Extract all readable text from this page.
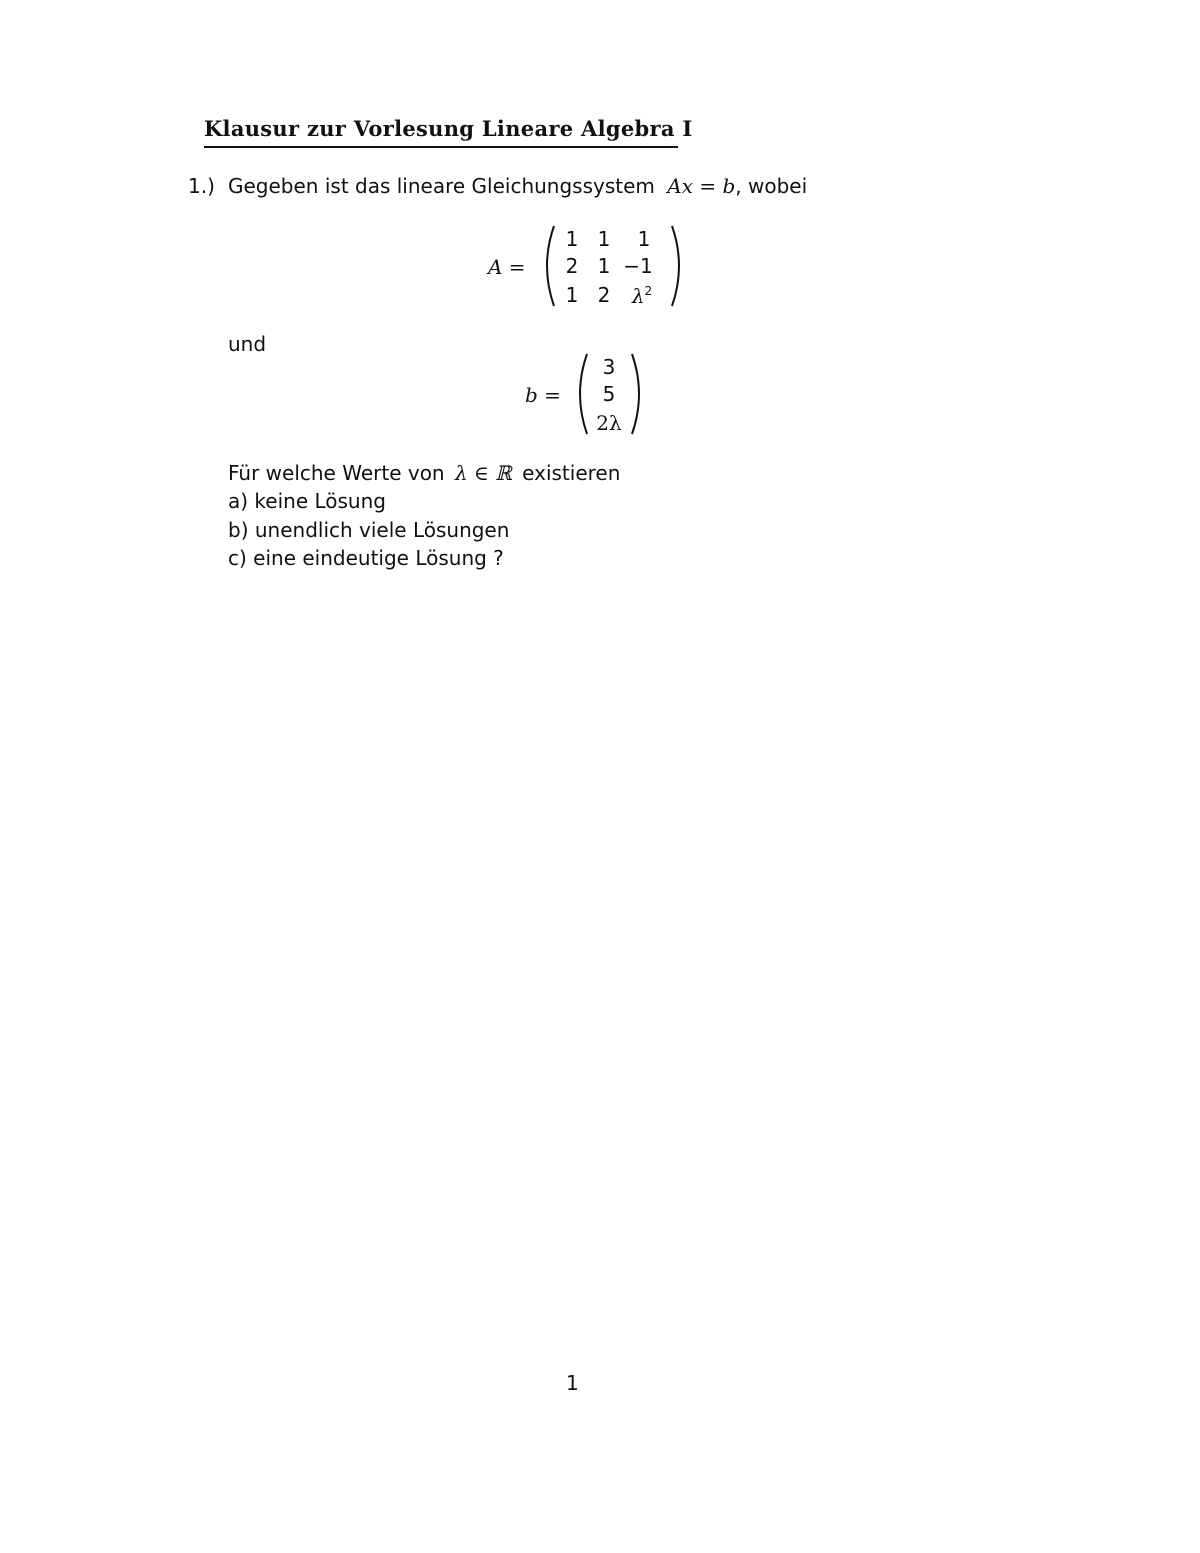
Klausur zur Vorlesung Lineare Algebra I
1.) Gegeben ist das lineare Gleichungssystem Ax = b, wobei
A =
1 1	1
2 1 −1
1 2	$\lambda^2$
und
b =
3
5
2λ
Für welche Werte von λ ∈ ℝ existieren
a) keine Lösung
b) unendlich viele Lösungen
c) eine eindeutige Lösung ?
1
